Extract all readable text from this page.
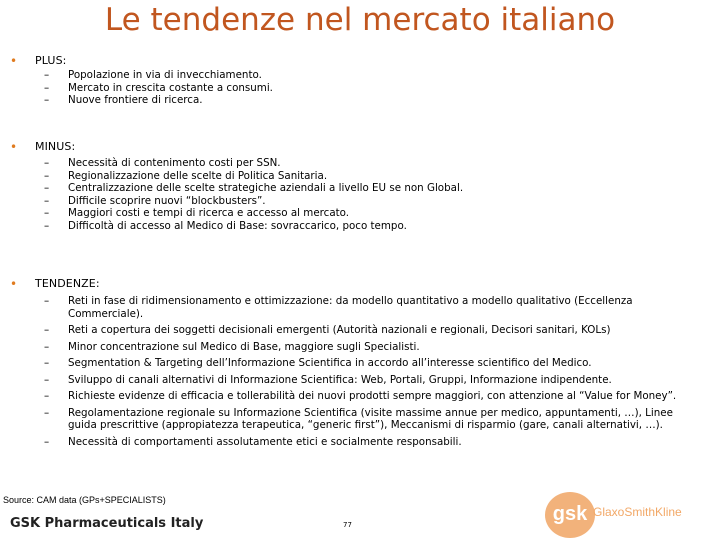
Le tendenze nel mercato italiano
• PLUS:
– Popolazione in via di invecchiamento.
– Mercato in crescita costante a consumi.
– Nuove frontiere di ricerca.
• MINUS:
– Necessità di contenimento costi per SSN.
– Regionalizzazione delle scelte di Politica Sanitaria.
– Centralizzazione delle scelte strategiche aziendali a livello EU se non Global.
– Difficile scoprire nuovi “blockbusters”.
– Maggiori costi e tempi di ricerca e accesso al mercato.
– Difficoltà di accesso al Medico di Base: sovraccarico, poco tempo.
• TENDENZE:
– Reti in fase di ridimensionamento e ottimizzazione: da modello quantitativo a modello qualitativo (Eccellenza Commerciale).
– Reti a copertura dei soggetti decisionali emergenti (Autorità nazionali e regionali, Decisori sanitari, KOLs)
– Minor concentrazione sul Medico di Base, maggiore sugli Specialisti.
– Segmentation & Targeting dell’Informazione Scientifica in accordo all’interesse scientifico del Medico.
– Sviluppo di canali alternativi di Informazione Scientifica: Web, Portali, Gruppi, Informazione indipendente.
– Richieste evidenze di efficacia e tollerabilità dei nuovi prodotti sempre maggiori, con attenzione al “Value for Money”.
– Regolamentazione regionale su Informazione Scientifica (visite massime annue per medico, appuntamenti, …), Linee guida prescrittive (appropiatezza terapeutica, “generic first”), Meccanismi di risparmio (gare, canali alternativi, …).
– Necessità di comportamenti assolutamente etici e socialmente responsabili.
Source: CAM data (GPs+SPECIALISTS)
GSK Pharmaceuticals Italy	77	gsk GlaxoSmithKline
